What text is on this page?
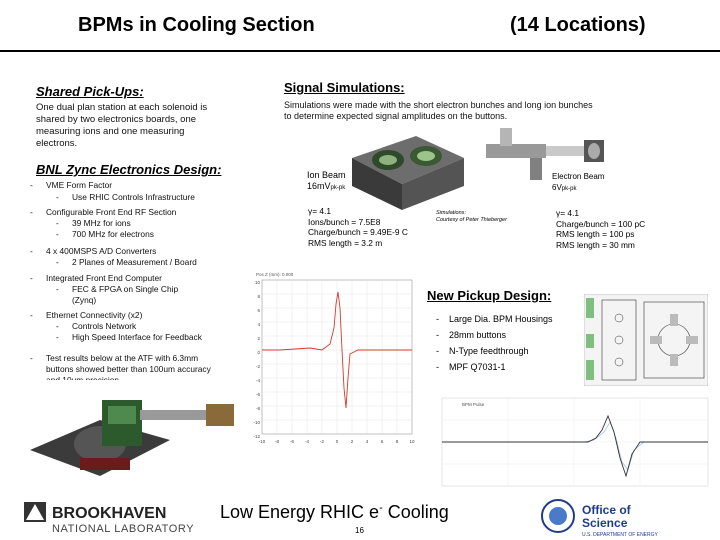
BPMs in Cooling Section	(14 Locations)
Shared Pick-Ups:
One dual plan station at each solenoid is
shared by two electronics boards, one
measuring ions and one measuring
electrons.
BNL Zync Electronics Design:
- VME Form Factor
- Use RHIC Controls Infrastructure
- Configurable Front End RF Section
- 39 MHz for ions
- 700 MHz for electrons
- 4 x 400MSPS A/D Converters
- 2 Planes of Measurement / Board
- Integrated Front End Computer
- FEC & FPGA on Single Chip
(Zynq)
- Ethernet Connectivity (x2)
- Controls Network
- High Speed Interface for Feedback
- Test results below at the ATF with 6.3mm
buttons showed better than 100um accuracy
Signal Simulations:
Simulations were made with the short electron bunches and long ion bunches
to determine expected signal amplitudes on the buttons.
Ion Beam
16mVpk-pk
Electron Beam
6Vpk-pk
γ= 4.1
Ions/bunch = 7.5E8
Charge/bunch = 9.49E-9 C
RMS length = 3.2 m
Simulations:
Courtesy of Peter Thieberger
γ= 4.1
Charge/bunch = 100 pC
RMS length = 100 ps
RMS length = 30 mm
Pos Z (mm): 0.000
10
8
6
4
2
0
-2
-4
-6
-8
-10
-12
-10 -8 -6 -4 -2	0	2	4	6	8 10
New Pickup Design:
-    Large Dia. BPM Housings
-    28mm buttons
-    N-Type feedthrough
-    MPF Q7031-1
BPM Pulse
BROOKHAVEN
NATIONAL LABORATORY
Low Energy RHIC e- Cooling
16
Office of
Science
U.S. DEPARTMENT OF ENERGY
